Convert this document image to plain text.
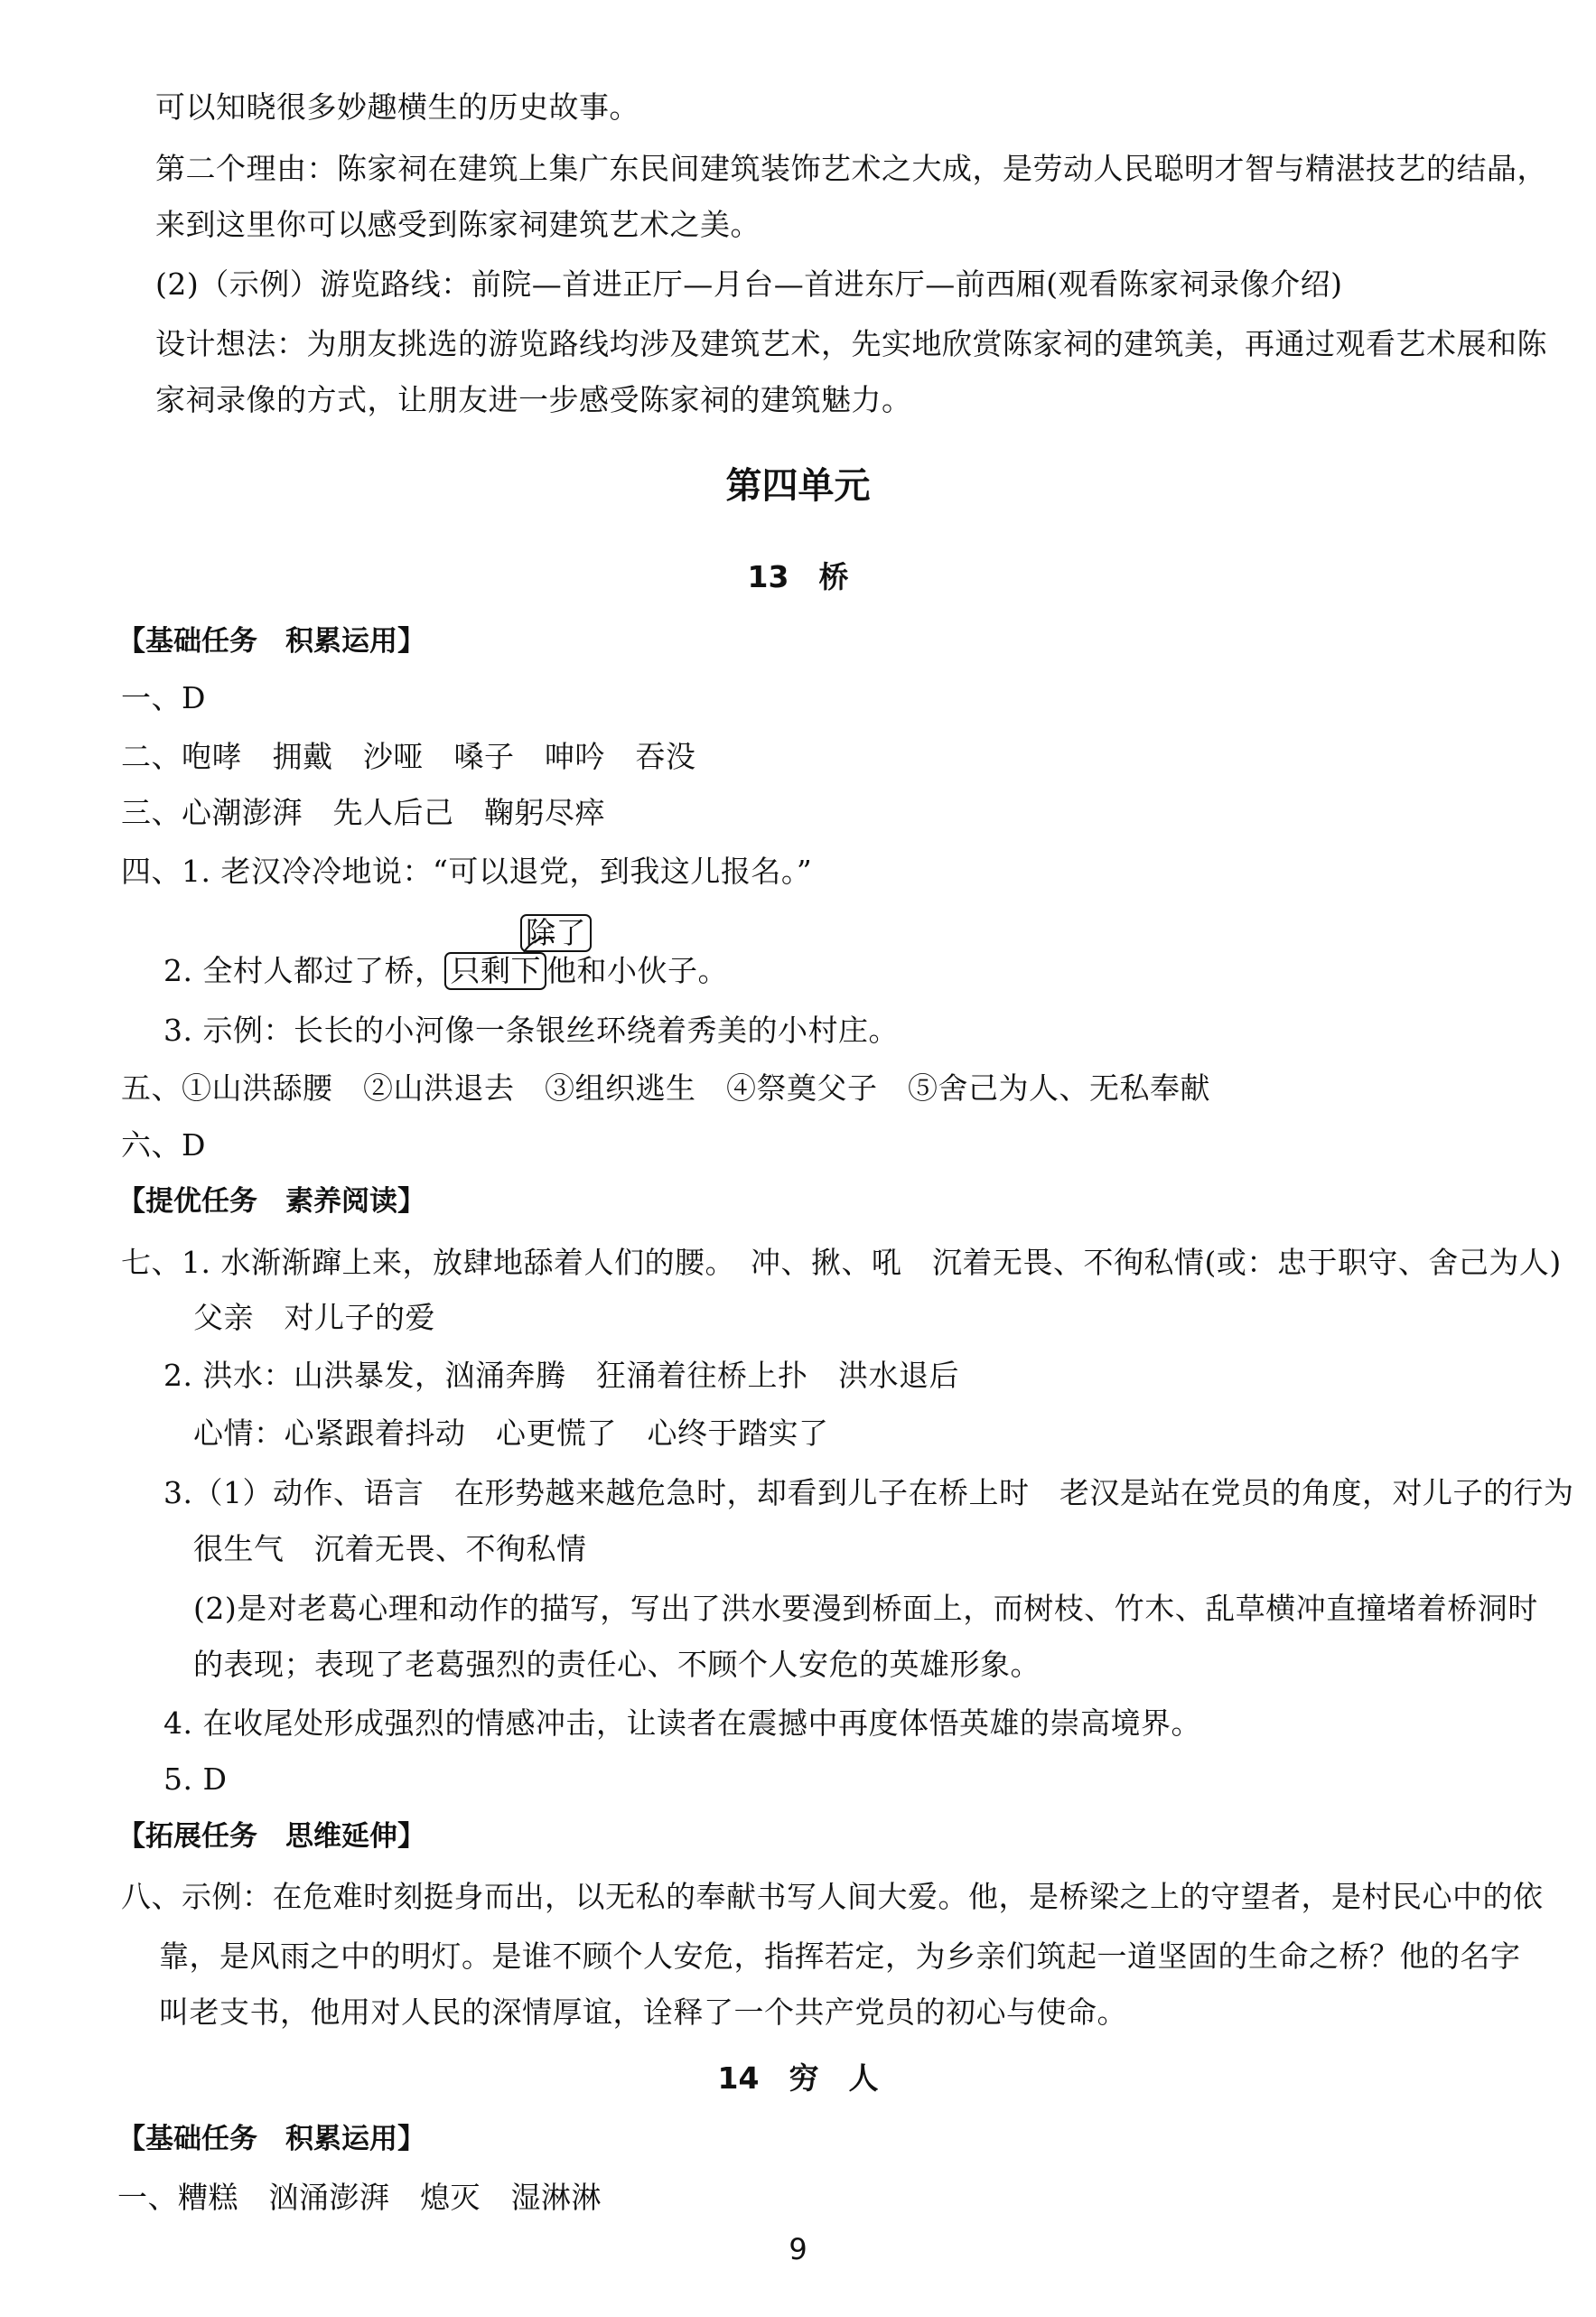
可以知晓很多妙趣横生的历史故事。
第二个理由：陈家祠在建筑上集广东民间建筑装饰艺术之大成，是劳动人民聪明才智与精湛技艺的结晶，
来到这里你可以感受到陈家祠建筑艺术之美。
(2)（示例）游览路线：前院—首进正厅—月台—首进东厅—前西厢(观看陈家祠录像介绍)
设计想法：为朋友挑选的游览路线均涉及建筑艺术，先实地欣赏陈家祠的建筑美，再通过观看艺术展和陈
家祠录像的方式，让朋友进一步感受陈家祠的建筑魅力。
第四单元
13　桥
【基础任务　积累运用】
一、D
二、咆哮　拥戴　沙哑　嗓子　呻吟　吞没
三、心潮澎湃　先人后己　鞠躬尽瘁
四、1. 老汉冷冷地说：“可以退党，到我这儿报名。”
2. 全村人都过了桥， 只剩下 他和小伙子。
除了
3. 示例：长长的小河像一条银丝环绕着秀美的小村庄。
五、①山洪舔腰　②山洪退去　③组织逃生　④祭奠父子　⑤舍己为人、无私奉献
六、D
【提优任务　素养阅读】
七、1. 水渐渐蹿上来，放肆地舔着人们的腰。　冲、揪、吼　沉着无畏、不徇私情(或：忠于职守、舍己为人)
父亲　对儿子的爱
2. 洪水：山洪暴发，汹涌奔腾　狂涌着往桥上扑　洪水退后
心情：心紧跟着抖动　心更慌了　心终于踏实了
3.（1）动作、语言　在形势越来越危急时，却看到儿子在桥上时　老汉是站在党员的角度，对儿子的行为
很生气　沉着无畏、不徇私情
(2)是对老葛心理和动作的描写，写出了洪水要漫到桥面上，而树枝、竹木、乱草横冲直撞堵着桥洞时
的表现；表现了老葛强烈的责任心、不顾个人安危的英雄形象。
4. 在收尾处形成强烈的情感冲击，让读者在震撼中再度体悟英雄的崇高境界。
5. D
【拓展任务　思维延伸】
八、示例：在危难时刻挺身而出，以无私的奉献书写人间大爱。他，是桥梁之上的守望者，是村民心中的依
靠，是风雨之中的明灯。是谁不顾个人安危，指挥若定，为乡亲们筑起一道坚固的生命之桥？他的名字
叫老支书，他用对人民的深情厚谊，诠释了一个共产党员的初心与使命。
14　穷　人
【基础任务　积累运用】
一、糟糕　汹涌澎湃　熄灭　湿淋淋
9
